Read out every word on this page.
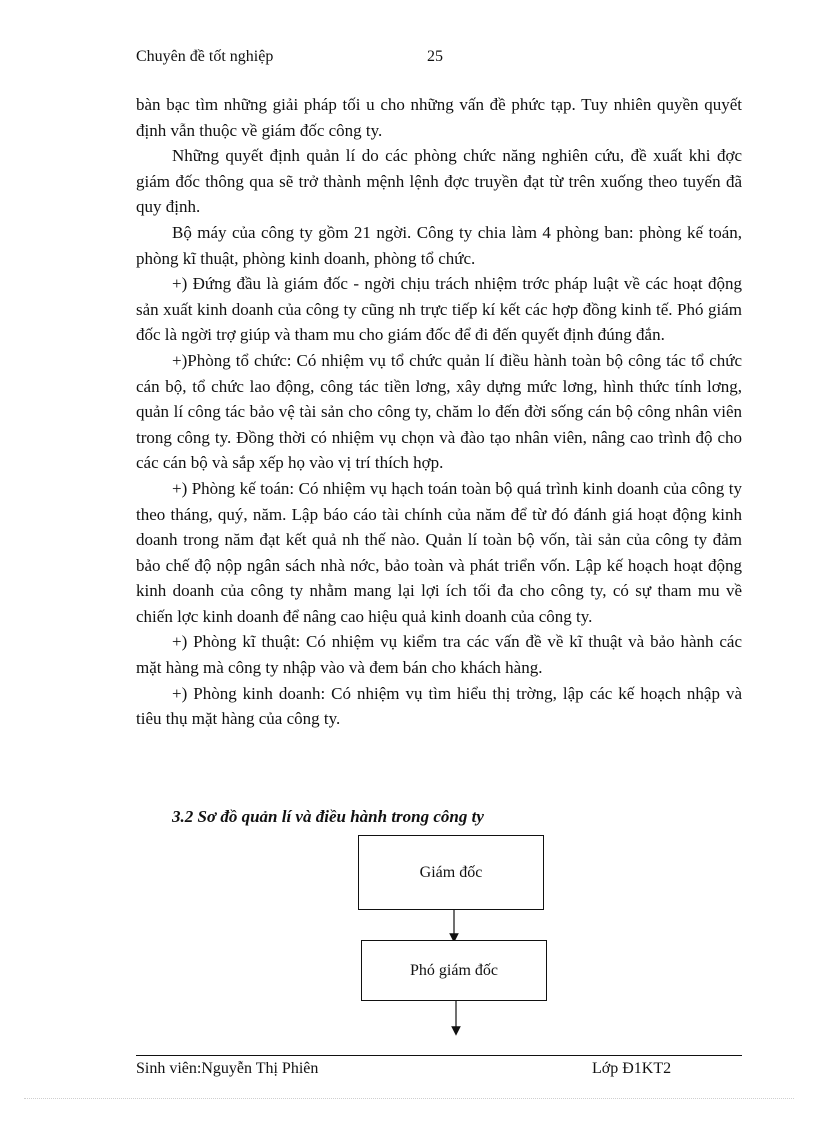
Chuyên đề tốt nghiệp	25

bàn bạc tìm những giải pháp tối u cho những vấn đề phức tạp. Tuy nhiên quyền quyết định vẫn thuộc về giám đốc công ty.

Những quyết định quản lí do các phòng chức năng nghiên cứu, đề xuất khi đợc giám đốc thông qua sẽ trở thành mệnh lệnh đợc truyền đạt từ trên xuống theo tuyến đã quy định.

Bộ máy của công ty gồm 21 ngời. Công ty chia làm 4 phòng ban: phòng kế toán, phòng kĩ thuật, phòng kinh doanh, phòng tổ chức.

+) Đứng đầu là giám đốc - ngời chịu trách nhiệm trớc pháp luật về các hoạt động sản xuất kinh doanh của công ty cũng nh trực tiếp kí kết các hợp đồng kinh tế. Phó giám đốc là ngời trợ giúp và tham mu cho giám đốc để đi đến quyết định đúng đắn.

+)Phòng tổ chức: Có nhiệm vụ tổ chức quản lí điều hành toàn bộ công tác tổ chức cán bộ, tổ chức lao động, công tác tiền lơng, xây dựng mức lơng, hình thức tính lơng, quản lí công tác bảo vệ tài sản cho công ty, chăm lo đến đời sống cán bộ công nhân viên trong công ty. Đồng thời có nhiệm vụ chọn và đào tạo nhân viên, nâng cao trình độ cho các cán bộ và sắp xếp họ vào vị trí thích hợp.

+) Phòng kế toán: Có nhiệm vụ hạch toán toàn bộ quá trình kinh doanh của công ty theo tháng, quý, năm. Lập báo cáo tài chính của năm để từ đó đánh giá hoạt động kinh doanh trong năm đạt kết quả nh thế nào. Quản lí toàn bộ vốn, tài sản của công ty đảm bảo chế độ nộp ngân sách nhà nớc, bảo toàn và phát triển vốn. Lập kế hoạch hoạt động kinh doanh của công ty nhằm mang lại lợi ích tối đa cho công ty, có sự tham mu về chiến lợc kinh doanh để nâng cao hiệu quả kinh doanh của công ty.

+) Phòng kĩ thuật: Có nhiệm vụ kiểm tra các vấn đề về kĩ thuật và bảo hành các mặt hàng mà công ty nhập vào và đem bán cho khách hàng.

+) Phòng kinh doanh: Có nhiệm vụ tìm hiểu thị trờng, lập các kế hoạch nhập và tiêu thụ mặt hàng của công ty.

3.2 Sơ đồ quản lí và điều hành trong công ty
Giám đốc
Phó giám đốc
Sinh viên:Nguyễn Thị Phiên	Lớp Đ1KT2
